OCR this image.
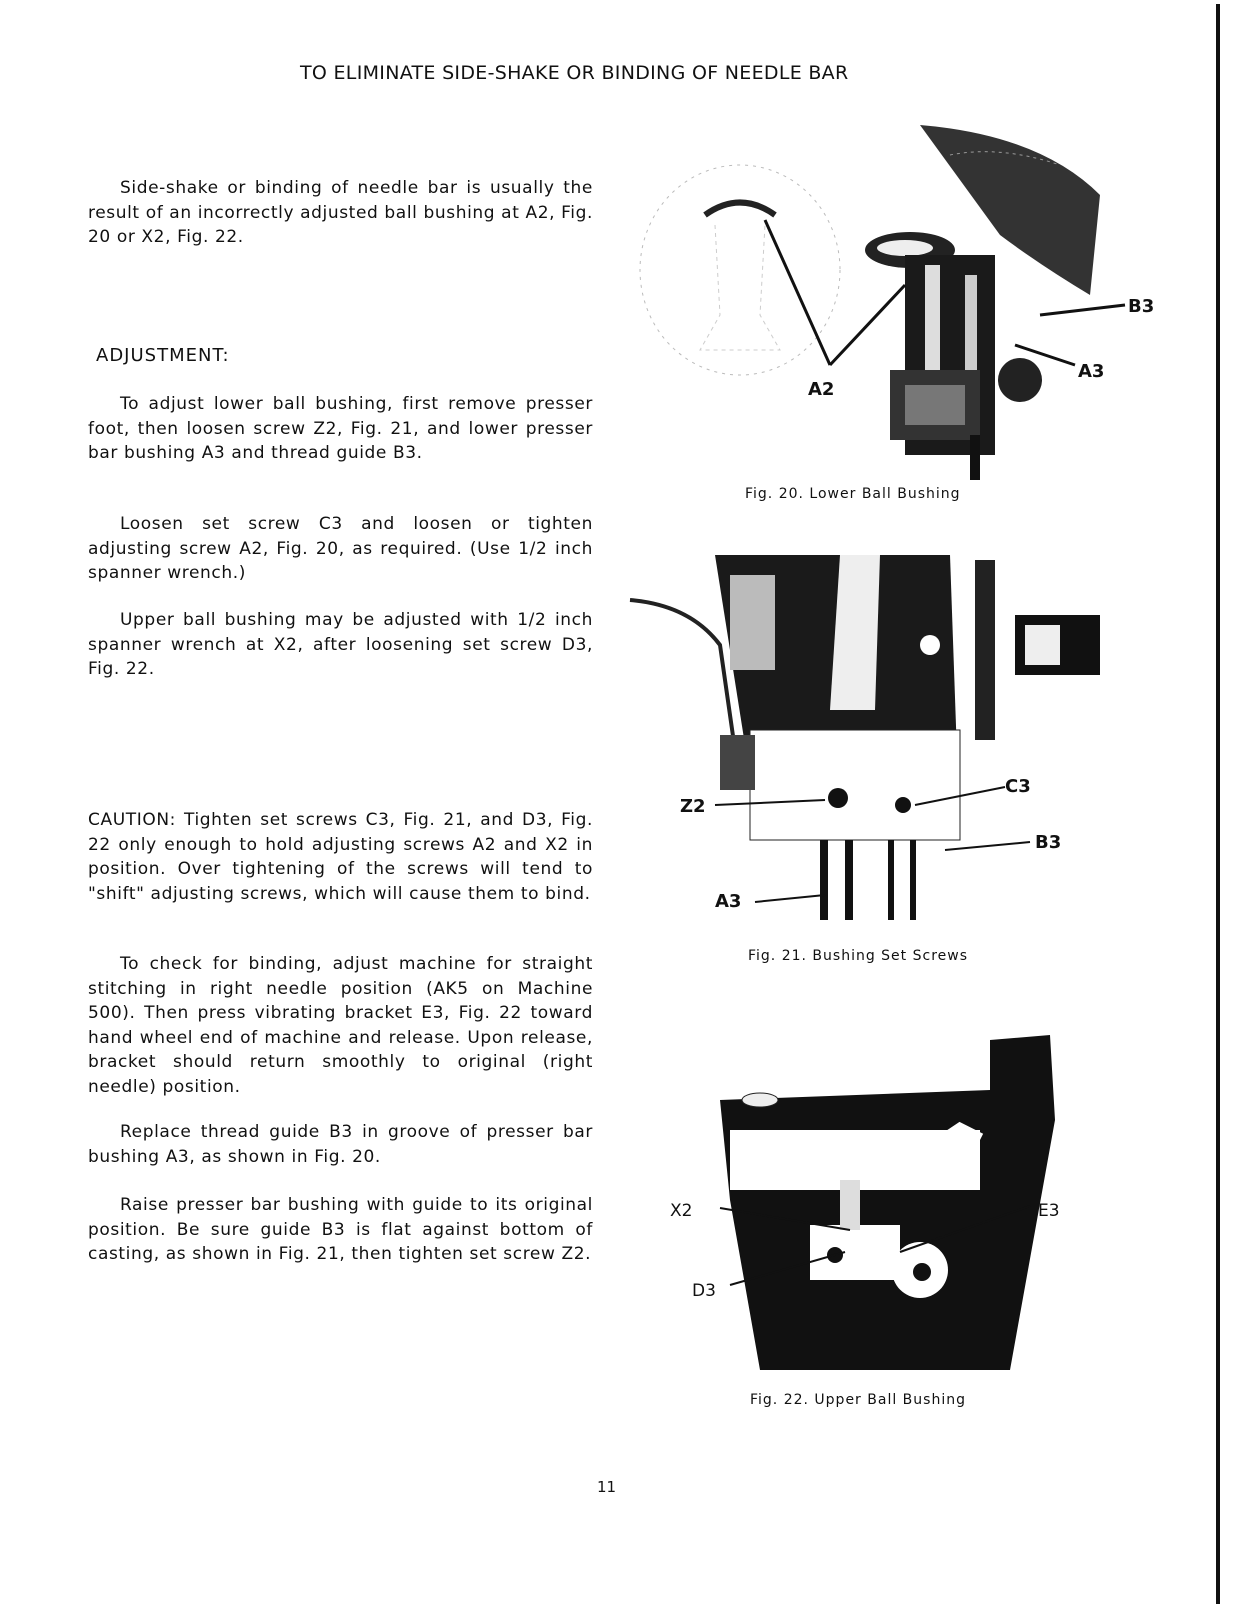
TO ELIMINATE SIDE-SHAKE OR BINDING OF NEEDLE BAR
Side-shake or binding of needle bar is usually the result of an incorrectly adjusted ball bushing at A2, Fig. 20 or X2, Fig. 22.
ADJUSTMENT:
To adjust lower ball bushing, first remove presser foot, then loosen screw Z2, Fig. 21, and lower presser bar bushing A3 and thread guide B3.
Loosen set screw C3 and loosen or tighten adjusting screw A2, Fig. 20, as required. (Use 1/2 inch spanner wrench.)
Upper ball bushing may be adjusted with 1/2 inch spanner wrench at X2, after loosening set screw D3, Fig. 22.
CAUTION: Tighten set screws C3, Fig. 21, and D3, Fig. 22 only enough to hold adjusting screws A2 and X2 in position. Over tightening of the screws will tend to "shift" adjusting screws, which will cause them to bind.
To check for binding, adjust machine for straight stitching in right needle position (AK5 on Machine 500). Then press vibrating bracket E3, Fig. 22 toward hand wheel end of machine and release. Upon release, bracket should return smoothly to original (right needle) position.
Replace thread guide B3 in groove of presser bar bushing A3, as shown in Fig. 20.
Raise presser bar bushing with guide to its original position. Be sure guide B3 is flat against bottom of casting, as shown in Fig. 21, then tighten set screw Z2.
A2
A3
B3
Fig. 20. Lower Ball Bushing
Z2
C3
B3
A3
Fig. 21. Bushing Set Screws
X2	E3
D3
Fig. 22. Upper Ball Bushing
11
